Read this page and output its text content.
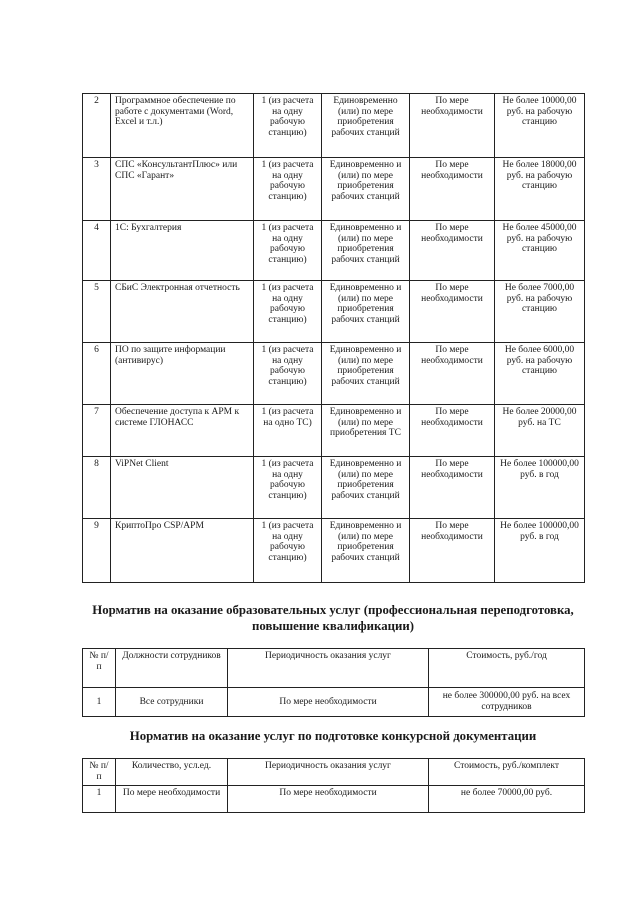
2	Программное обеспечение по работе с документами (Word, Excel и т.л.)	1 (из расчета на одну рабочую станцию)	Единовременно (или) по мере приобретения рабочих станций	По мере необходимости	Не более 10000,00 руб. на рабочую станцию
3	СПС «КонсультантПлюс» или СПС «Гарант»	1 (из расчета на одну рабочую станцию)	Единовременно и (или) по мере приобретения рабочих станций	По мере необходимости	Не более 18000,00 руб. на рабочую станцию
4	1С: Бухгалтерия	1 (из расчета на одну рабочую станцию)	Единовременно и (или) по мере приобретения рабочих станций	По мере необходимости	Не более 45000,00 руб. на рабочую станцию
5	СБиС Электронная отчетность	1 (из расчета на одну рабочую станцию)	Единовременно и (или) по мере приобретения рабочих станций	По мере необходимости	Не более 7000,00 руб. на рабочую станцию
6	ПО по защите информации (антивирус)	1 (из расчета на одну рабочую станцию)	Единовременно и (или) по мере приобретения рабочих станций	По мере необходимости	Не более 6000,00 руб. на рабочую станцию
7	Обеспечение доступа к АРМ к системе ГЛОНАСС	1 (из расчета на одно ТС)	Единовременно и (или) по мере приобретения ТС	По мере необходимости	Не более 20000,00 руб. на ТС
8	ViPNet Client	1 (из расчета на одну рабочую станцию)	Единовременно и (или) по мере приобретения рабочих станций	По мере необходимости	Не более 100000,00 руб. в год
9	КриптоПро CSP/АРМ	1 (из расчета на одну рабочую станцию)	Единовременно и (или) по мере приобретения рабочих станций	По мере необходимости	Не более 100000,00 руб. в год
Норматив на оказание образовательных услуг (профессиональная переподготовка, повышение квалификации)
№ п/п	Должности сотрудников	Периодичность оказания услуг	Стоимость, руб./год
1	Все сотрудники	По мере необходимости	не более 300000,00 руб. на всех сотрудников
Норматив на оказание услуг по подготовке конкурсной документации
№ п/п	Количество, усл.ед.	Периодичность оказания услуг	Стоимость, руб./комплект
1	По мере необходимости	По мере необходимости	не более 70000,00 руб.
